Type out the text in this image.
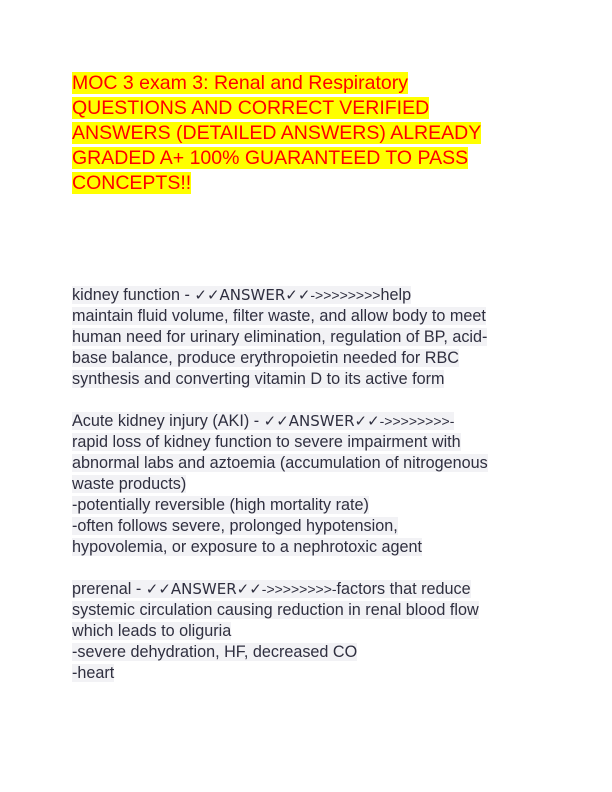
MOC 3 exam 3: Renal and Respiratory
QUESTIONS AND CORRECT VERIFIED
ANSWERS (DETAILED ANSWERS) ALREADY
GRADED A+ 100% GUARANTEED TO PASS
CONCEPTS!!
kidney function - ✓✓ANSWER✓✓->>>>>>>>help
maintain fluid volume, filter waste, and allow body to meet
human need for urinary elimination, regulation of BP, acid-
base balance, produce erythropoietin needed for RBC
synthesis and converting vitamin D to its active form
Acute kidney injury (AKI) - ✓✓ANSWER✓✓->>>>>>>>-
rapid loss of kidney function to severe impairment with
abnormal labs and aztoemia (accumulation of nitrogenous
waste products)
-potentially reversible (high mortality rate)
-often follows severe, prolonged hypotension,
hypovolemia, or exposure to a nephrotoxic agent
prerenal - ✓✓ANSWER✓✓->>>>>>>>-factors that reduce
systemic circulation causing reduction in renal blood flow
which leads to oliguria
-severe dehydration, HF, decreased CO
-heart
